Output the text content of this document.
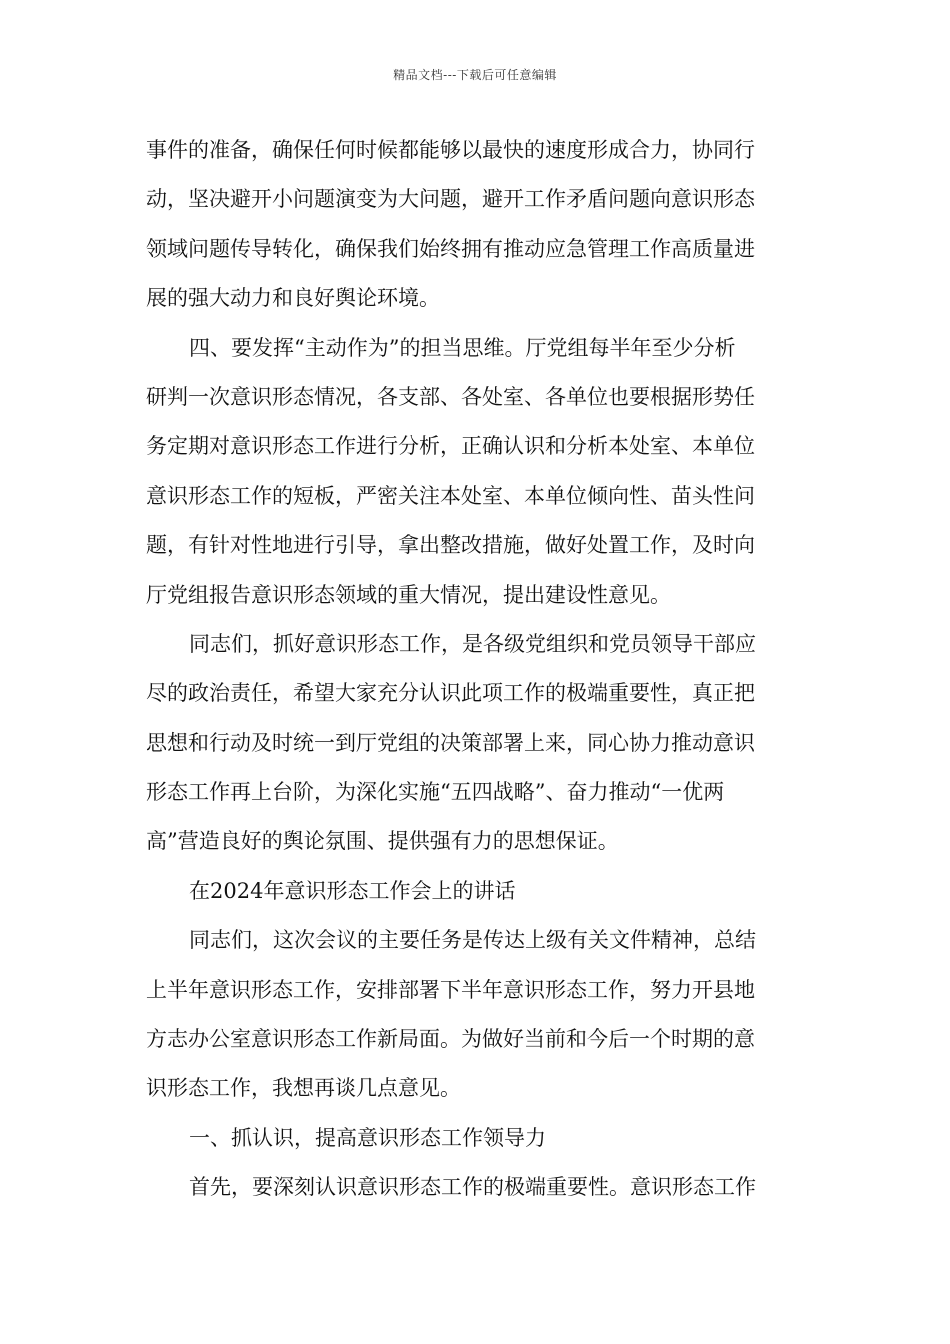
精品文档---下载后可任意编辑
事件的准备，确保任何时候都能够以最快的速度形成合力，协同行
动，坚决避开小问题演变为大问题，避开工作矛盾问题向意识形态
领域问题传导转化，确保我们始终拥有推动应急管理工作高质量进
展的强大动力和良好舆论环境。
四、要发挥“主动作为”的担当思维。厅党组每半年至少分析
研判一次意识形态情况，各支部、各处室、各单位也要根据形势任
务定期对意识形态工作进行分析，正确认识和分析本处室、本单位
意识形态工作的短板，严密关注本处室、本单位倾向性、苗头性问
题，有针对性地进行引导，拿出整改措施，做好处置工作，及时向
厅党组报告意识形态领域的重大情况，提出建设性意见。
同志们，抓好意识形态工作，是各级党组织和党员领导干部应
尽的政治责任，希望大家充分认识此项工作的极端重要性，真正把
思想和行动及时统一到厅党组的决策部署上来，同心协力推动意识
形态工作再上台阶，为深化实施“五四战略”、奋力推动“一优两
高”营造良好的舆论氛围、提供强有力的思想保证。
在2024年意识形态工作会上的讲话
同志们，这次会议的主要任务是传达上级有关文件精神，总结
上半年意识形态工作，安排部署下半年意识形态工作，努力开县地
方志办公室意识形态工作新局面。为做好当前和今后一个时期的意
识形态工作，我想再谈几点意见。
一、抓认识，提高意识形态工作领导力
首先，要深刻认识意识形态工作的极端重要性。意识形态工作
